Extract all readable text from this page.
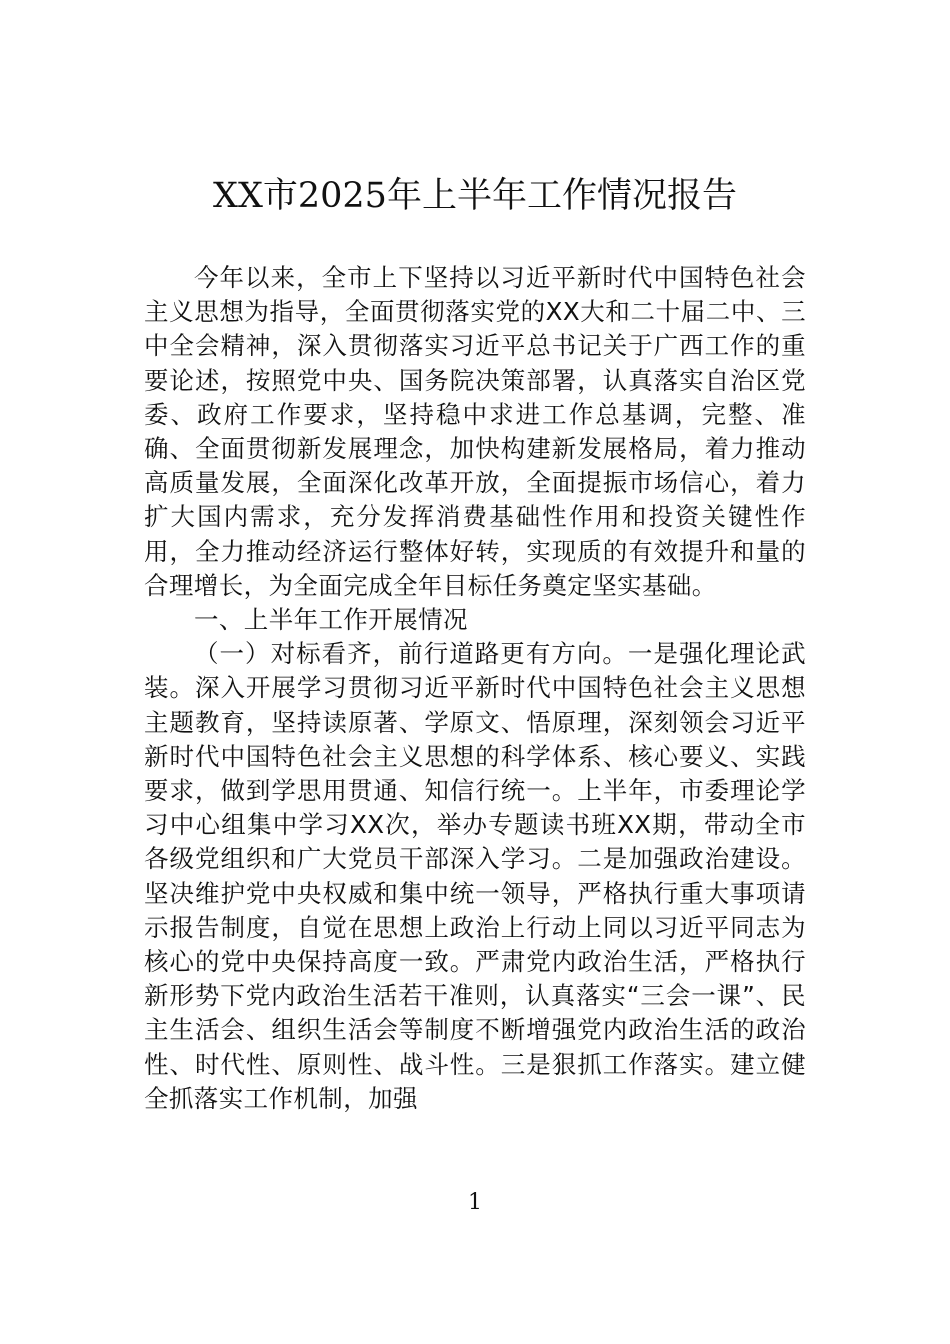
XX市2025年上半年工作情况报告

今年以来，全市上下坚持以习近平新时代中国特色社会主义思想为指导，全面贯彻落实党的XX大和二十届二中、三中全会精神，深入贯彻落实习近平总书记关于广西工作的重要论述，按照党中央、国务院决策部署，认真落实自治区党委、政府工作要求，坚持稳中求进工作总基调，完整、准确、全面贯彻新发展理念，加快构建新发展格局，着力推动高质量发展，全面深化改革开放，全面提振市场信心，着力扩大国内需求，充分发挥消费基础性作用和投资关键性作用，全力推动经济运行整体好转，实现质的有效提升和量的合理增长，为全面完成全年目标任务奠定坚实基础。

一、上半年工作开展情况

（一）对标看齐，前行道路更有方向。一是强化理论武装。深入开展学习贯彻习近平新时代中国特色社会主义思想主题教育，坚持读原著、学原文、悟原理，深刻领会习近平新时代中国特色社会主义思想的科学体系、核心要义、实践要求，做到学思用贯通、知信行统一。上半年，市委理论学习中心组集中学习XX次，举办专题读书班XX期，带动全市各级党组织和广大党员干部深入学习。二是加强政治建设。坚决维护党中央权威和集中统一领导，严格执行重大事项请示报告制度，自觉在思想上政治上行动上同以习近平同志为核心的党中央保持高度一致。严肃党内政治生活，严格执行新形势下党内政治生活若干准则，认真落实“三会一课”、民主生活会、组织生活会等制度不断增强党内政治生活的政治性、时代性、原则性、战斗性。三是狠抓工作落实。建立健全抓落实工作机制，加强

1
